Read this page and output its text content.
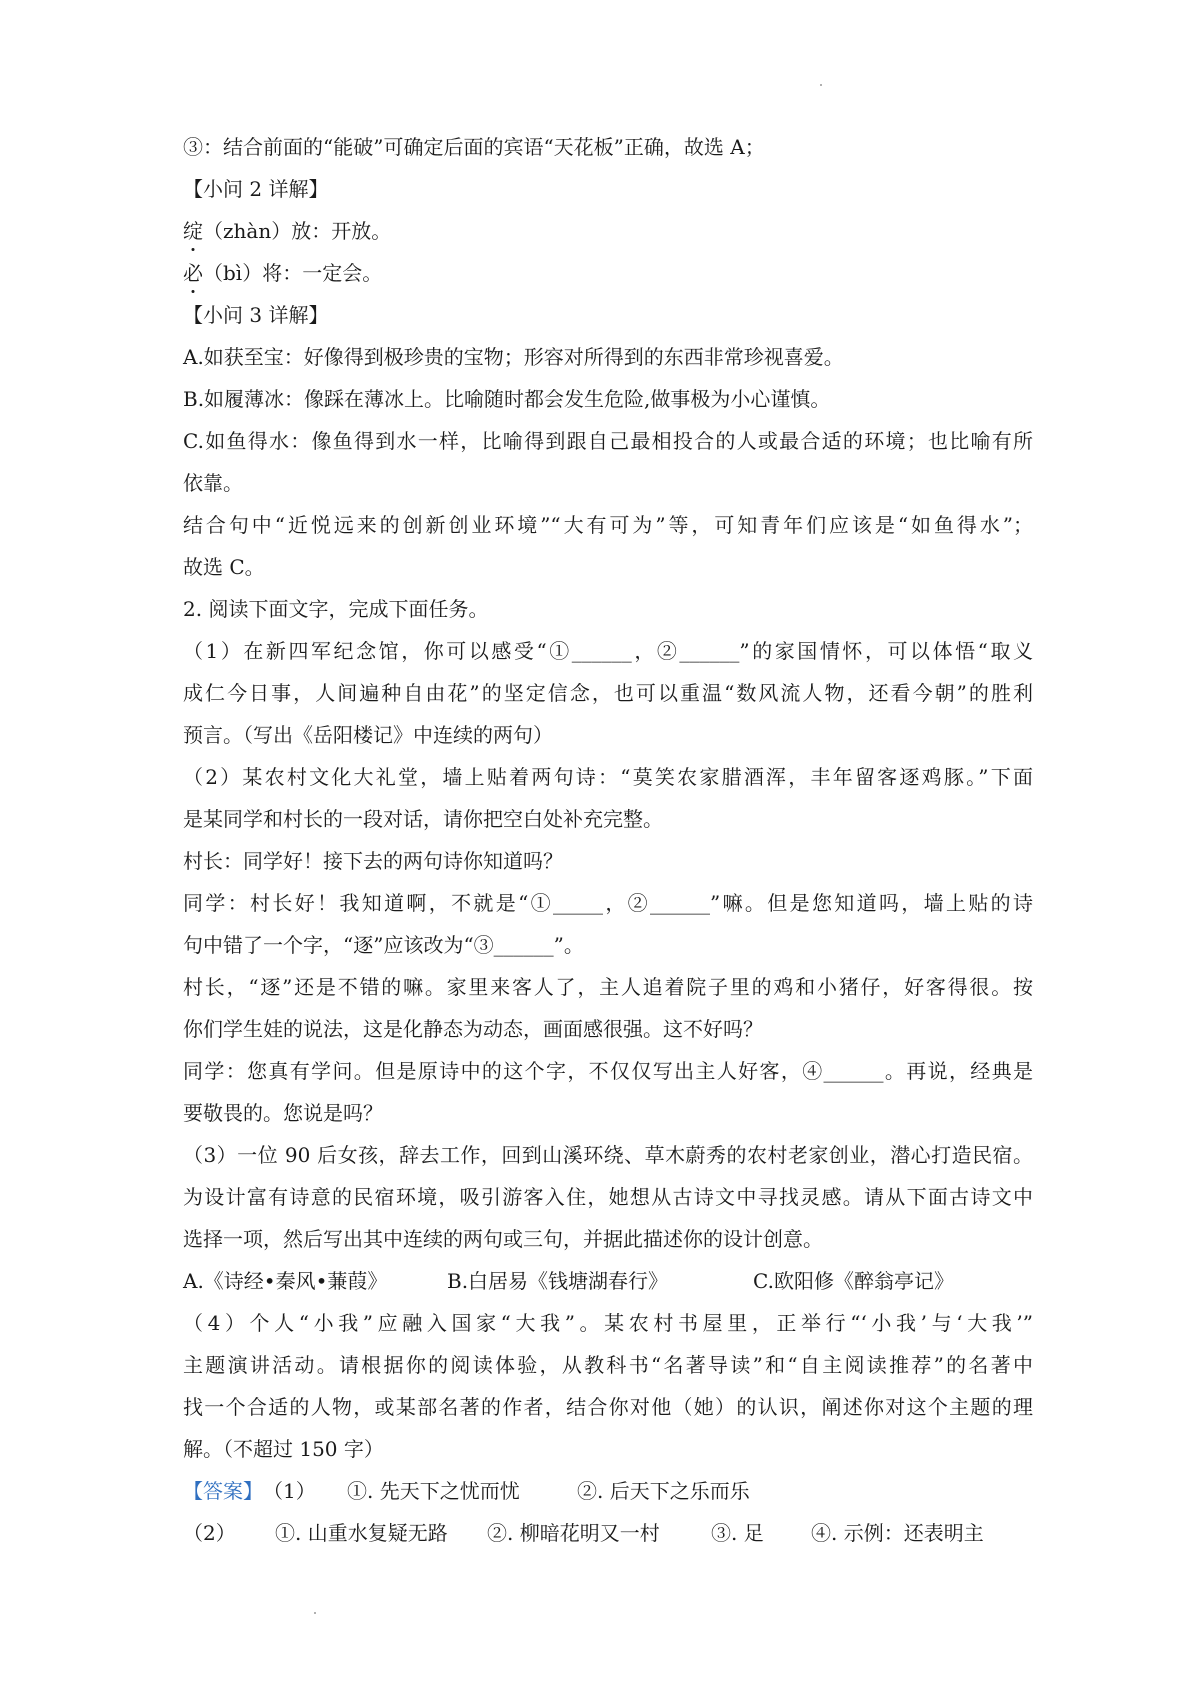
③：结合前面的“能破”可确定后面的宾语“天花板”正确，故选 A；
【小问 2 详解】
绽（zhàn）放：开放。
必（bì）将：一定会。
【小问 3 详解】
A.如获至宝：好像得到极珍贵的宝物；形容对所得到的东西非常珍视喜爱。
B.如履薄冰：像踩在薄冰上。比喻随时都会发生危险,做事极为小心谨慎。
C.如鱼得水：像鱼得到水一样，比喻得到跟自己最相投合的人或最合适的环境；也比喻有所
依靠。
结合句中“近悦远来的创新创业环境”“大有可为”等，可知青年们应该是“如鱼得水”；
故选 C。
2. 阅读下面文字，完成下面任务。
（1）在新四军纪念馆，你可以感受“①______，②______”的家国情怀，可以体悟“取义
成仁今日事，人间遍种自由花”的坚定信念，也可以重温“数风流人物，还看今朝”的胜利
预言。（写出《岳阳楼记》中连续的两句）
（2）某农村文化大礼堂，墙上贴着两句诗：“莫笑农家腊酒浑，丰年留客逐鸡豚。”下面
是某同学和村长的一段对话，请你把空白处补充完整。
村长：同学好！接下去的两句诗你知道吗？
同学：村长好！我知道啊，不就是“①_____，②______”嘛。但是您知道吗，墙上贴的诗
句中错了一个字，“逐”应该改为“③______”。
村长，“逐”还是不错的嘛。家里来客人了，主人追着院子里的鸡和小猪仔，好客得很。按
你们学生娃的说法，这是化静态为动态，画面感很强。这不好吗？
同学：您真有学问。但是原诗中的这个字，不仅仅写出主人好客，④______。再说，经典是
要敬畏的。您说是吗？
（3）一位 90 后女孩，辞去工作，回到山溪环绕、草木蔚秀的农村老家创业，潜心打造民宿。
为设计富有诗意的民宿环境，吸引游客入住，她想从古诗文中寻找灵感。请从下面古诗文中
选择一项，然后写出其中连续的两句或三句，并据此描述你的设计创意。
A.《诗经•秦风•蒹葭》	B.白居易《钱塘湖春行》	C.欧阳修《醉翁亭记》
（4）个人“小我”应融入国家“大我”。某农村书屋里，正举行“‘小我’与‘大我’”
主题演讲活动。请根据你的阅读体验，从教科书“名著导读”和“自主阅读推荐”的名著中
找一个合适的人物，或某部名著的作者，结合你对他（她）的认识，阐述你对这个主题的理
解。（不超过 150 字）
【答案】（1） ①. 先天下之忧而忧	②. 后天下之乐而乐
（2） ①. 山重水复疑无路 ②. 柳暗花明又一村	③. 足 ④. 示例：还表明主
